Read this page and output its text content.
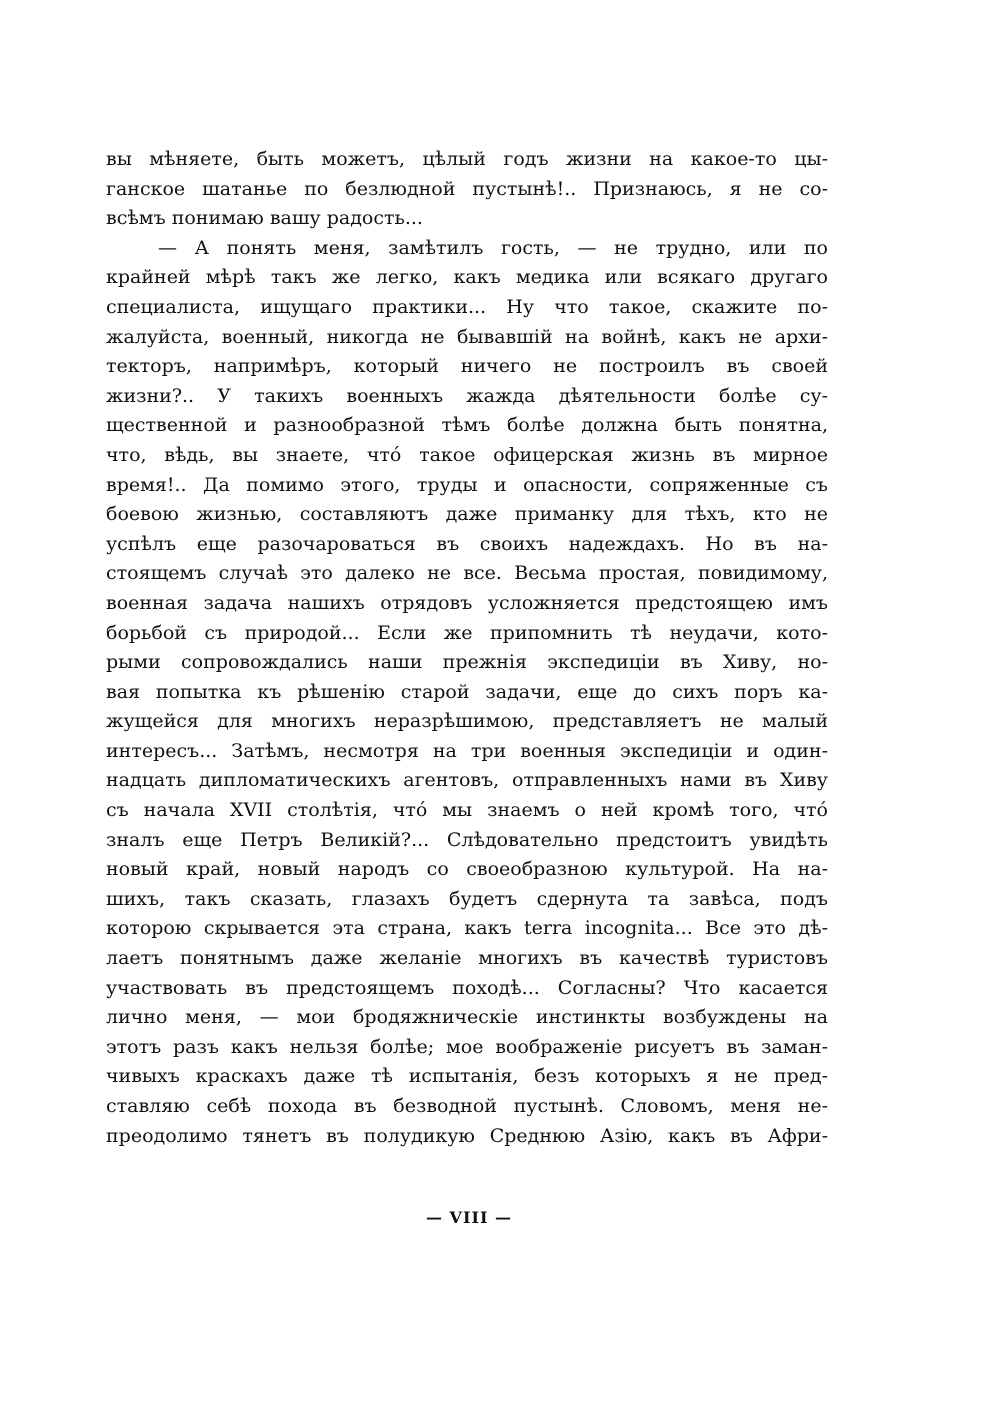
вы мѣняете, быть можетъ, цѣлый годъ жизни на какое-то цы-
ганское шатанье по безлюдной пустынѣ!.. Признаюсь, я не со-
всѣмъ понимаю вашу радость...
— А понять меня, замѣтилъ гость, — не трудно, или по
крайней мѣрѣ такъ же легко, какъ медика или всякаго другаго
специалиста, ищущаго практики... Ну что такое, скажите по-
жалуйста, военный, никогда не бывавшій на войнѣ, какъ не архи-
текторъ, напримѣръ, который ничего не построилъ въ своей
жизни?.. У такихъ военныхъ жажда дѣятельности болѣе су-
щественной и разнообразной тѣмъ болѣе должна быть понятна,
что, вѣдь, вы знаете, что́ такое офицерская жизнь въ мирное
время!.. Да помимо этого, труды и опасности, сопряженные съ
боевою жизнью, составляютъ даже приманку для тѣхъ, кто не
успѣлъ еще разочароваться въ своихъ надеждахъ. Но въ на-
стоящемъ случаѣ это далеко не все. Весьма простая, повидимому,
военная задача нашихъ отрядовъ усложняется предстоящею имъ
борьбой съ природой... Если же припомнить тѣ неудачи, кото-
рыми сопровождались наши прежнія экспедиціи въ Хиву, но-
вая попытка къ рѣшенію старой задачи, еще до сихъ поръ ка-
жущейся для многихъ неразрѣшимою, представляетъ не малый
интересъ... Затѣмъ, несмотря на три военныя экспедиціи и один-
надцать дипломатическихъ агентовъ, отправленныхъ нами въ Хиву
съ начала XVII столѣтія, что́ мы знаемъ о ней кромѣ того, что́
зналъ еще Петръ Великій?... Слѣдовательно предстоитъ увидѣть
новый край, новый народъ со своеобразною культурой. На на-
шихъ, такъ сказать, глазахъ будетъ сдернута та завѣса, подъ
которою скрывается эта страна, какъ terra incognita... Все это дѣ-
лаетъ понятнымъ даже желаніе многихъ въ качествѣ туристовъ
участвовать въ предстоящемъ походѣ... Согласны? Что касается
лично меня, — мои бродяжническіе инстинкты возбуждены на
этотъ разъ какъ нельзя болѣе; мое воображеніе рисуетъ въ заман-
чивыхъ краскахъ даже тѣ испытанія, безъ которыхъ я не пред-
ставляю себѣ похода въ безводной пустынѣ. Словомъ, меня не-
преодолимо тянетъ въ полудикую Среднюю Азію, какъ въ Афри-
— VIII —
